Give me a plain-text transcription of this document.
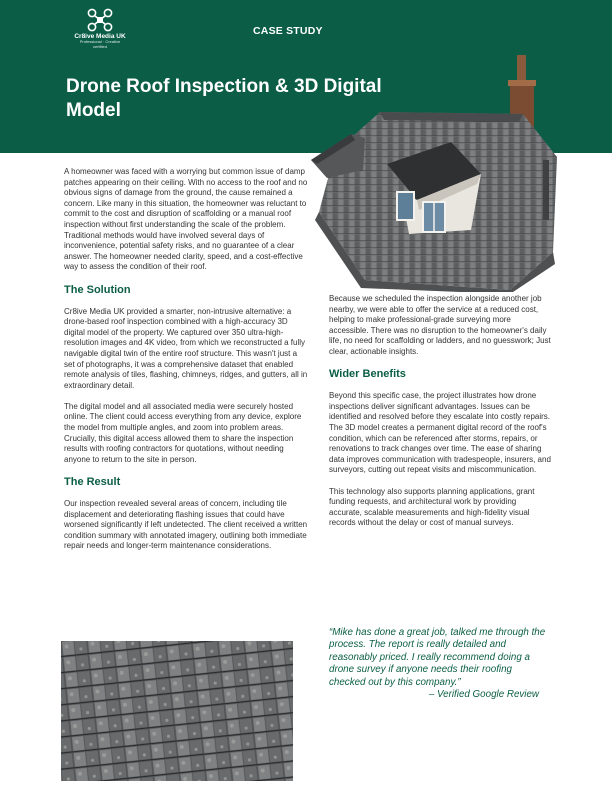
Cr8ive Media UK
Professional · Creative
certified
CASE STUDY
Drone Roof Inspection & 3D Digital Model

A homeowner was faced with a worrying but common issue of damp patches appearing on their ceiling. With no access to the roof and no obvious signs of damage from the ground, the cause remained a concern. Like many in this situation, the homeowner was reluctant to commit to the cost and disruption of scaffolding or a manual roof inspection without first understanding the scale of the problem. Traditional methods would have involved several days of inconvenience, potential safety risks, and no guarantee of a clear answer. The homeowner needed clarity, speed, and a cost-effective way to assess the condition of their roof.

The Solution

Cr8ive Media UK provided a smarter, non-intrusive alternative: a drone-based roof inspection combined with a high-accuracy 3D digital model of the property. We captured over 350 ultra-high-resolution images and 4K video, from which we reconstructed a fully navigable digital twin of the entire roof structure. This wasn't just a set of photographs, it was a comprehensive dataset that enabled remote analysis of tiles, flashing, chimneys, ridges, and gutters, all in extraordinary detail.

The digital model and all associated media were securely hosted online. The client could access everything from any device, explore the model from multiple angles, and zoom into problem areas. Crucially, this digital access allowed them to share the inspection results with roofing contractors for quotations, without needing anyone to return to the site in person.

The Result

Our inspection revealed several areas of concern, including tile displacement and deteriorating flashing issues that could have worsened significantly if left undetected. The client received a written condition summary with annotated imagery, outlining both immediate repair needs and longer-term maintenance considerations.

Because we scheduled the inspection alongside another job nearby, we were able to offer the service at a reduced cost, helping to make professional-grade surveying more accessible. There was no disruption to the homeowner's daily life, no need for scaffolding or ladders, and no guesswork; Just clear, actionable insights.

Wider Benefits

Beyond this specific case, the project illustrates how drone inspections deliver significant advantages. Issues can be identified and resolved before they escalate into costly repairs. The 3D model creates a permanent digital record of the roof's condition, which can be referenced after storms, repairs, or renovations to track changes over time. The ease of sharing data improves communication with tradespeople, insurers, and surveyors, cutting out repeat visits and miscommunication.

This technology also supports planning applications, grant funding requests, and architectural work by providing accurate, scalable measurements and high-fidelity visual records without the delay or cost of manual surveys.

“Mike has done a great job, talked me through the process. The report is really detailed and reasonably priced. I really recommend doing a drone survey if anyone needs their roofing checked out by this company.”
– Verified Google Review
